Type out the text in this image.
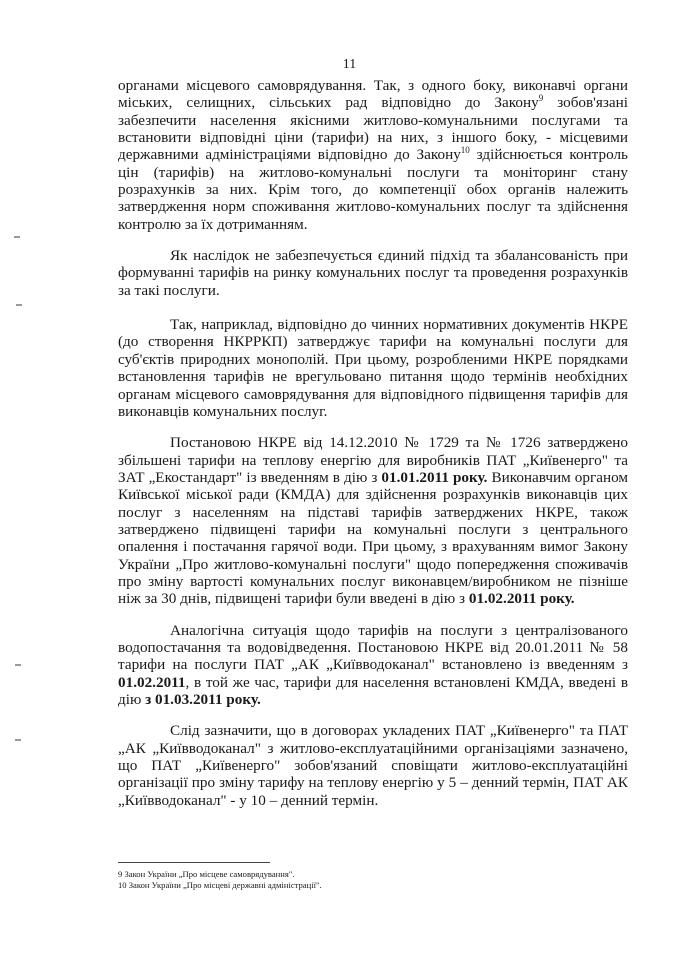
11

органами місцевого самоврядування. Так, з одного боку, виконавчі органи міських, селищних, сільських рад відповідно до Закону$^9$ зобов'язані забезпечити населення якісними житлово-комунальними послугами та встановити відповідні ціни (тарифи) на них, з іншого боку, - місцевими державними адміністраціями відповідно до Закону$^{10}$ здійснюється контроль цін (тарифів) на житлово-комунальні послуги та моніторинг стану розрахунків за них. Крім того, до компетенції обох органів належить затвердження норм споживання житлово-комунальних послуг та здійснення контролю за їх дотриманням.

Як наслідок не забезпечується єдиний підхід та збалансованість при формуванні тарифів на ринку комунальних послуг та проведення розрахунків за такі послуги.

Так, наприклад, відповідно до чинних нормативних документів НКРЕ (до створення НКРРКП) затверджує тарифи на комунальні послуги для суб'єктів природних монополій. При цьому, розробленими НКРЕ порядками встановлення тарифів не врегульовано питання щодо термінів необхідних органам місцевого самоврядування для відповідного підвищення тарифів для виконавців комунальних послуг.

Постановою НКРЕ від 14.12.2010 № 1729 та № 1726 затверджено збільшені тарифи на теплову енергію для виробників ПАТ „Київенерго" та ЗАТ „Екостандарт" із введенням в дію з 01.01.2011 року. Виконавчим органом Київської міської ради (КМДА) для здійснення розрахунків виконавців цих послуг з населенням на підставі тарифів затверджених НКРЕ, також затверджено підвищені тарифи на комунальні послуги з центрального опалення і постачання гарячої води. При цьому, з врахуванням вимог Закону України „Про житлово-комунальні послуги" щодо попередження споживачів про зміну вартості комунальних послуг виконавцем/виробником не пізніше ніж за 30 днів, підвищені тарифи були введені в дію з 01.02.2011 року.

Аналогічна ситуація щодо тарифів на послуги з централізованого водопостачання та водовідведення. Постановою НКРЕ від 20.01.2011 № 58 тарифи на послуги ПАТ „АК „Київводоканал" встановлено із введенням з 01.02.2011, в той же час, тарифи для населення встановлені КМДА, введені в дію з 01.03.2011 року.

Слід зазначити, що в договорах укладених ПАТ „Київенерго" та ПАТ „АК „Київводоканал" з житлово-експлуатаційними організаціями зазначено, що ПАТ „Київенерго" зобов'язаний сповіщати житлово-експлуатаційні організації про зміну тарифу на теплову енергію у 5 – денний термін, ПАТ АК „Київводоканал" - у 10 – денний термін.

9 Закон України „Про місцеве самоврядування".
10 Закон України „Про місцеві державні адміністрації".
